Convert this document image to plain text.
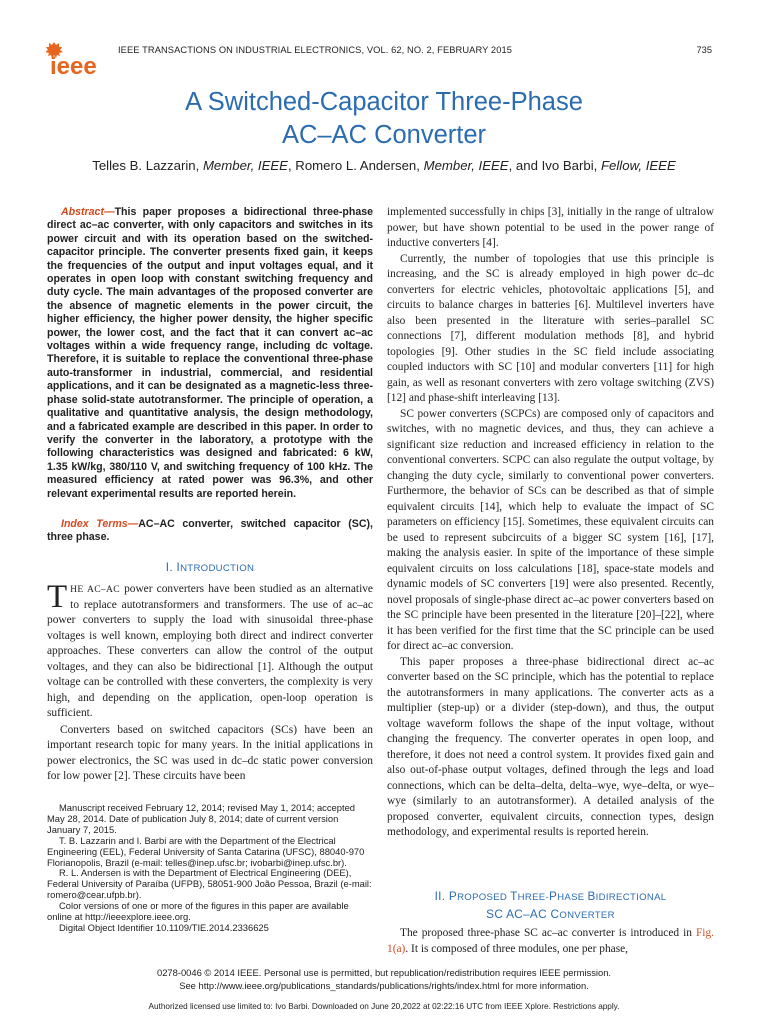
ieee
IEEE TRANSACTIONS ON INDUSTRIAL ELECTRONICS, VOL. 62, NO. 2, FEBRUARY 2015	735
A Switched-Capacitor Three-Phase
AC–AC Converter
Telles B. Lazzarin, Member, IEEE, Romero L. Andersen, Member, IEEE, and Ivo Barbi, Fellow, IEEE
Abstract—This paper proposes a bidirectional three-phase direct ac–ac converter, with only capacitors and switches in its power circuit and with its operation based on the switched-capacitor principle. The converter presents fixed gain, it keeps the frequencies of the output and input voltages equal, and it operates in open loop with constant switching frequency and duty cycle. The main advantages of the proposed converter are the absence of magnetic elements in the power circuit, the higher efficiency, the higher power density, the higher specific power, the lower cost, and the fact that it can convert ac–ac voltages within a wide frequency range, including dc voltage. Therefore, it is suitable to replace the conventional three-phase auto-transformer in industrial, commercial, and residential applications, and it can be designated as a magnetic-less three-phase solid-state autotransformer. The principle of operation, a qualitative and quantitative analysis, the design methodology, and a fabricated example are described in this paper. In order to verify the converter in the laboratory, a prototype with the following characteristics was designed and fabricated: 6 kW, 1.35 kW/kg, 380/110 V, and switching frequency of 100 kHz. The measured efficiency at rated power was 96.3%, and other relevant experimental results are reported herein.
Index Terms—AC–AC converter, switched capacitor (SC), three phase.
I. INTRODUCTION

THE AC–AC power converters have been studied as an alternative to replace autotransformers and transformers. The use of ac–ac power converters to supply the load with sinusoidal three-phase voltages is well known, employing both direct and indirect converter approaches. These converters can allow the control of the output voltages, and they can also be bidirectional [1]. Although the output voltage can be controlled with these converters, the complexity is very high, and depending on the application, open-loop operation is sufficient.

Converters based on switched capacitors (SCs) have been an important research topic for many years. In the initial applications in power electronics, the SC was used in dc–dc static power conversion for low power [2]. These circuits have been

Manuscript received February 12, 2014; revised May 1, 2014; accepted May 28, 2014. Date of publication July 8, 2014; date of current version January 7, 2015.

T. B. Lazzarin and I. Barbi are with the Department of the Electrical Engineering (EEL), Federal University of Santa Catarina (UFSC), 88040-970 Florianopolis, Brazil (e-mail: telles@inep.ufsc.br; ivobarbi@inep.ufsc.br).

R. L. Andersen is with the Department of Electrical Engineering (DEE), Federal University of Paraíba (UFPB), 58051-900 João Pessoa, Brazil (e-mail: romero@cear.ufpb.br).

Color versions of one or more of the figures in this paper are available online at http://ieeexplore.ieee.org.

Digital Object Identifier 10.1109/TIE.2014.2336625

implemented successfully in chips [3], initially in the range of ultralow power, but have shown potential to be used in the power range of inductive converters [4].

Currently, the number of topologies that use this principle is increasing, and the SC is already employed in high power dc–dc converters for electric vehicles, photovoltaic applications [5], and circuits to balance charges in batteries [6]. Multilevel inverters have also been presented in the literature with series–parallel SC connections [7], different modulation methods [8], and hybrid topologies [9]. Other studies in the SC field include associating coupled inductors with SC [10] and modular converters [11] for high gain, as well as resonant converters with zero voltage switching (ZVS) [12] and phase-shift interleaving [13].

SC power converters (SCPCs) are composed only of capacitors and switches, with no magnetic devices, and thus, they can achieve a significant size reduction and increased efficiency in relation to the conventional converters. SCPC can also regulate the output voltage, by changing the duty cycle, similarly to conventional power converters. Furthermore, the behavior of SCs can be described as that of simple equivalent circuits [14], which help to evaluate the impact of SC parameters on efficiency [15]. Sometimes, these equivalent circuits can be used to represent subcircuits of a bigger SC system [16], [17], making the analysis easier. In spite of the importance of these simple equivalent circuits on loss calculations [18], space-state models and dynamic models of SC converters [19] were also presented. Recently, novel proposals of single-phase direct ac–ac power converters based on the SC principle have been presented in the literature [20]–[22], where it has been verified for the first time that the SC principle can be used for direct ac–ac conversion.

This paper proposes a three-phase bidirectional direct ac–ac converter based on the SC principle, which has the potential to replace the autotransformers in many applications. The converter acts as a multiplier (step-up) or a divider (step-down), and thus, the output voltage waveform follows the shape of the input voltage, without changing the frequency. The converter operates in open loop, and therefore, it does not need a control system. It provides fixed gain and also out-of-phase output voltages, defined through the legs and load connections, which can be delta–delta, delta–wye, wye–delta, or wye–wye (similarly to an autotransformer). A detailed analysis of the proposed converter, equivalent circuits, connection types, design methodology, and experimental results is reported herein.

II. PROPOSED THREE-PHASE BIDIRECTIONAL
SC AC–AC CONVERTER

The proposed three-phase SC ac–ac converter is introduced in Fig. 1(a). It is composed of three modules, one per phase,

0278-0046 © 2014 IEEE. Personal use is permitted, but republication/redistribution requires IEEE permission.
See http://www.ieee.org/publications_standards/publications/rights/index.html for more information.
Authorized licensed use limited to: Ivo Barbi. Downloaded on June 20,2022 at 02:22:16 UTC from IEEE Xplore. Restrictions apply.
